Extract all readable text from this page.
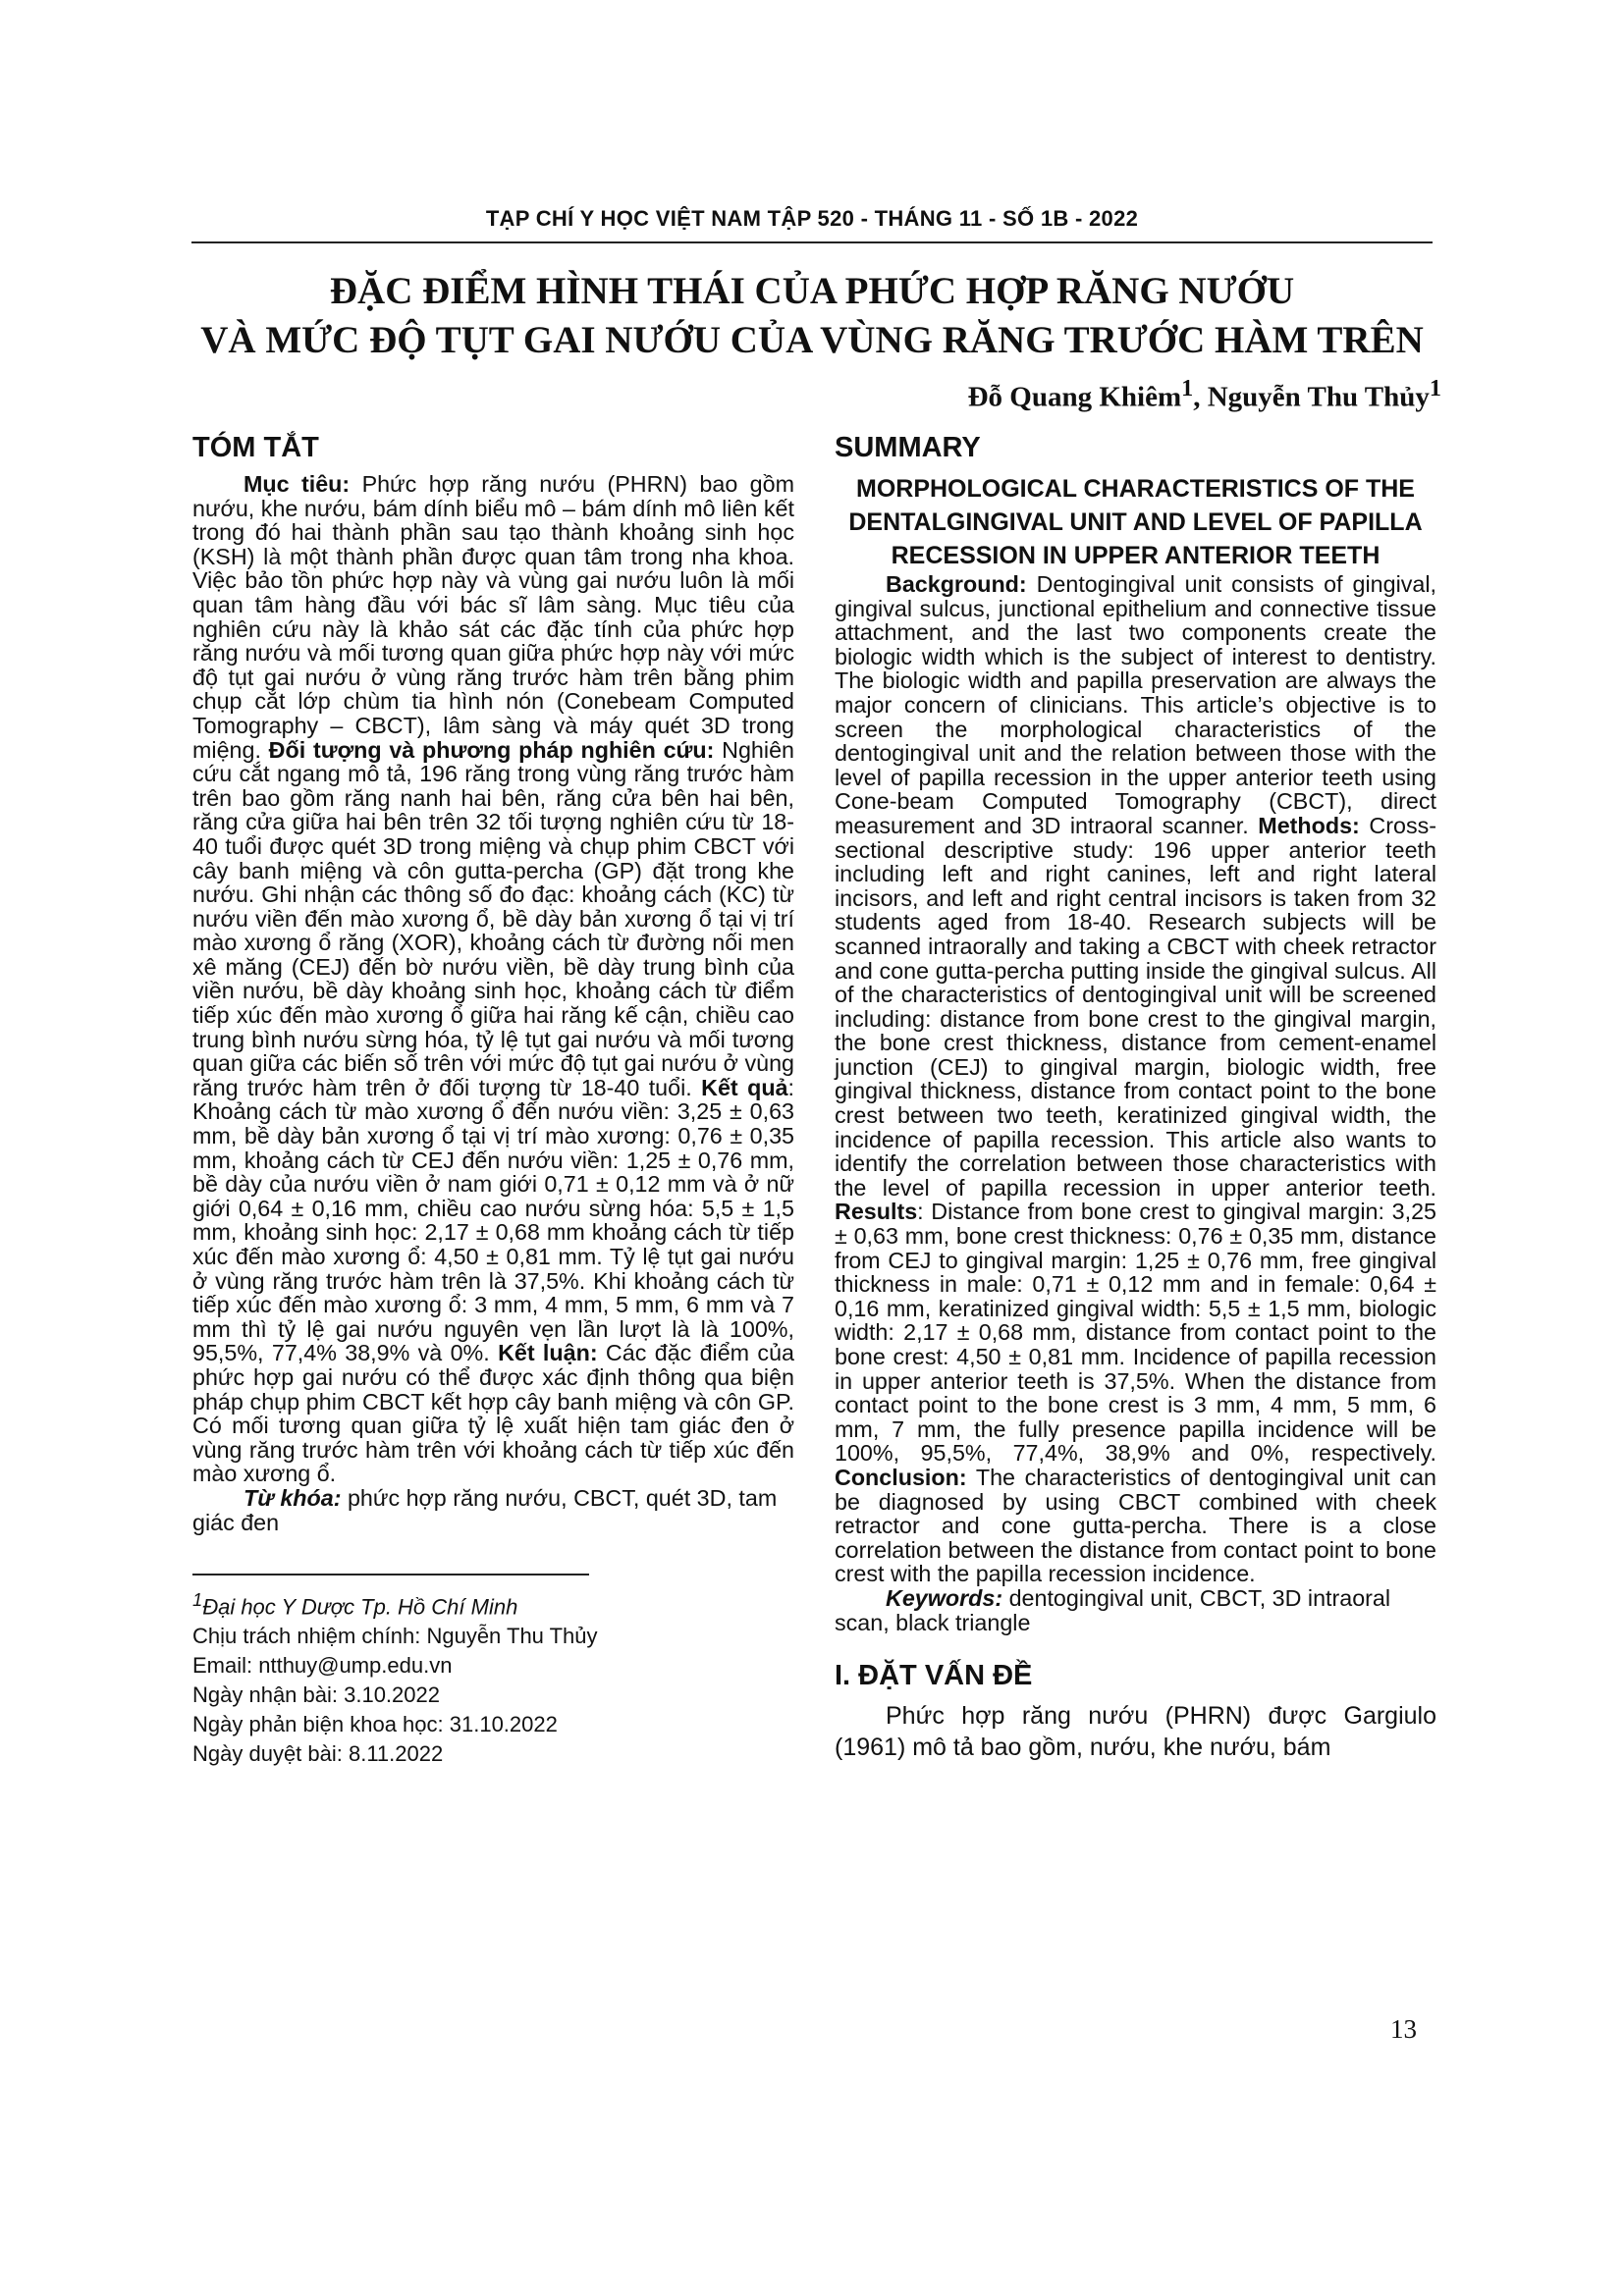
TẠP CHÍ Y HỌC VIỆT NAM TẬP 520 - THÁNG 11 - SỐ 1B - 2022
ĐẶC ĐIỂM HÌNH THÁI CỦA PHỨC HỢP RĂNG NƯỚU
VÀ MỨC ĐỘ TỤT GAI NƯỚU CỦA VÙNG RĂNG TRƯỚC HÀM TRÊN
Đỗ Quang Khiêm$^1$, Nguyễn Thu Thủy$^1$
TÓM TẮT

Mục tiêu: Phức hợp răng nướu (PHRN) bao gồm nướu, khe nướu, bám dính biểu mô – bám dính mô liên kết trong đó hai thành phần sau tạo thành khoảng sinh học (KSH) là một thành phần được quan tâm trong nha khoa. Việc bảo tồn phức hợp này và vùng gai nướu luôn là mối quan tâm hàng đầu với bác sĩ lâm sàng. Mục tiêu của nghiên cứu này là khảo sát các đặc tính của phức hợp răng nướu và mối tương quan giữa phức hợp này với mức độ tụt gai nướu ở vùng răng trước hàm trên bằng phim chụp cắt lớp chùm tia hình nón (Conebeam Computed Tomography – CBCT), lâm sàng và máy quét 3D trong miệng. Đối tượng và phương pháp nghiên cứu: Nghiên cứu cắt ngang mô tả, 196 răng trong vùng răng trước hàm trên bao gồm răng nanh hai bên, răng cửa bên hai bên, răng cửa giữa hai bên trên 32 tối tượng nghiên cứu từ 18-40 tuổi được quét 3D trong miệng và chụp phim CBCT với cây banh miệng và côn gutta-percha (GP) đặt trong khe nướu. Ghi nhận các thông số đo đạc: khoảng cách (KC) từ nướu viền đến mào xương ổ, bề dày bản xương ổ tại vị trí mào xương ổ răng (XOR), khoảng cách từ đường nối men xê măng (CEJ) đến bờ nướu viền, bề dày trung bình của viền nướu, bề dày khoảng sinh học, khoảng cách từ điểm tiếp xúc đến mào xương ổ giữa hai răng kế cận, chiều cao trung bình nướu sừng hóa, tỷ lệ tụt gai nướu và mối tương quan giữa các biến số trên với mức độ tụt gai nướu ở vùng răng trước hàm trên ở đối tượng từ 18-40 tuổi. Kết quả: Khoảng cách từ mào xương ổ đến nướu viền: 3,25 ± 0,63 mm, bề dày bản xương ổ tại vị trí mào xương: 0,76 ± 0,35 mm, khoảng cách từ CEJ đến nướu viền: 1,25 ± 0,76 mm, bề dày của nướu viền ở nam giới 0,71 ± 0,12 mm và ở nữ giới 0,64 ± 0,16 mm, chiều cao nướu sừng hóa: 5,5 ± 1,5 mm, khoảng sinh học: 2,17 ± 0,68 mm khoảng cách từ tiếp xúc đến mào xương ổ: 4,50 ± 0,81 mm. Tỷ lệ tụt gai nướu ở vùng răng trước hàm trên là 37,5%. Khi khoảng cách từ tiếp xúc đến mào xương ổ: 3 mm, 4 mm, 5 mm, 6 mm và 7 mm thì tỷ lệ gai nướu nguyên vẹn lần lượt là là 100%, 95,5%, 77,4% 38,9% và 0%. Kết luận: Các đặc điểm của phức hợp gai nướu có thể được xác định thông qua biện pháp chụp phim CBCT kết hợp cây banh miệng và côn GP. Có mối tương quan giữa tỷ lệ xuất hiện tam giác đen ở vùng răng trước hàm trên với khoảng cách từ tiếp xúc đến mào xương ổ.

Từ khóa: phức hợp răng nướu, CBCT, quét 3D, tam giác đen

$^1$Đại học Y Dược Tp. Hồ Chí Minh
Chịu trách nhiệm chính: Nguyễn Thu Thủy
Email: ntthuy@ump.edu.vn
Ngày nhận bài: 3.10.2022
Ngày phản biện khoa học: 31.10.2022
Ngày duyệt bài: 8.11.2022
SUMMARY
MORPHOLOGICAL CHARACTERISTICS OF THE DENTALGINGIVAL UNIT AND LEVEL OF PAPILLA RECESSION IN UPPER ANTERIOR TEETH

Background: Dentogingival unit consists of gingival, gingival sulcus, junctional epithelium and connective tissue attachment, and the last two components create the biologic width which is the subject of interest to dentistry. The biologic width and papilla preservation are always the major concern of clinicians. This article’s objective is to screen the morphological characteristics of the dentogingival unit and the relation between those with the level of papilla recession in the upper anterior teeth using Cone-beam Computed Tomography (CBCT), direct measurement and 3D intraoral scanner. Methods: Cross-sectional descriptive study: 196 upper anterior teeth including left and right canines, left and right lateral incisors, and left and right central incisors is taken from 32 students aged from 18-40. Research subjects will be scanned intraorally and taking a CBCT with cheek retractor and cone gutta-percha putting inside the gingival sulcus. All of the characteristics of dentogingival unit will be screened including: distance from bone crest to the gingival margin, the bone crest thickness, distance from cement-enamel junction (CEJ) to gingival margin, biologic width, free gingival thickness, distance from contact point to the bone crest between two teeth, keratinized gingival width, the incidence of papilla recession. This article also wants to identify the correlation between those characteristics with the level of papilla recession in upper anterior teeth. Results: Distance from bone crest to gingival margin: 3,25 ± 0,63 mm, bone crest thickness: 0,76 ± 0,35 mm, distance from CEJ to gingival margin: 1,25 ± 0,76 mm, free gingival thickness in male: 0,71 ± 0,12 mm and in female: 0,64 ± 0,16 mm, keratinized gingival width: 5,5 ± 1,5 mm, biologic width: 2,17 ± 0,68 mm, distance from contact point to the bone crest: 4,50 ± 0,81 mm. Incidence of papilla recession in upper anterior teeth is 37,5%. When the distance from contact point to the bone crest is 3 mm, 4 mm, 5 mm, 6 mm, 7 mm, the fully presence papilla incidence will be 100%, 95,5%, 77,4%, 38,9% and 0%, respectively. Conclusion: The characteristics of dentogingival unit can be diagnosed by using CBCT combined with cheek retractor and cone gutta-percha. There is a close correlation between the distance from contact point to bone crest with the papilla recession incidence.

Keywords: dentogingival unit, CBCT, 3D intraoral scan, black triangle

I. ĐẶT VẤN ĐỀ

Phức hợp răng nướu (PHRN) được Gargiulo (1961) mô tả bao gồm, nướu, khe nướu, bám

13
